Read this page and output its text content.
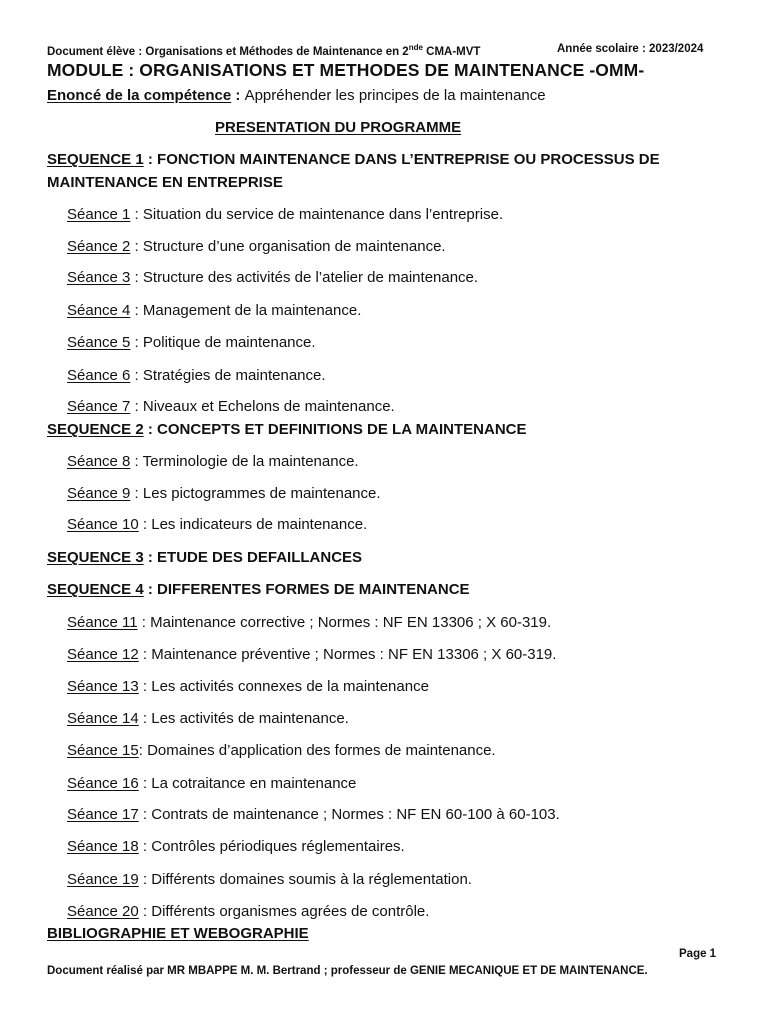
Document élève : Organisations et Méthodes de Maintenance en 2nde CMA-MVT	Année scolaire : 2023/2024
MODULE : ORGANISATIONS ET METHODES DE MAINTENANCE -OMM-
Enoncé de la compétence : Appréhender les principes de la maintenance
PRESENTATION DU PROGRAMME
SEQUENCE 1 : FONCTION MAINTENANCE DANS L’ENTREPRISE OU PROCESSUS DE MAINTENANCE EN ENTREPRISE
Séance 1 : Situation du service de maintenance dans l’entreprise.
Séance 2 : Structure d’une organisation de maintenance.
Séance 3 : Structure des activités de l’atelier de maintenance.
Séance 4 : Management de la maintenance.
Séance 5 : Politique de maintenance.
Séance 6 : Stratégies de maintenance.
Séance 7 : Niveaux et Echelons de maintenance.
SEQUENCE 2 : CONCEPTS ET DEFINITIONS DE LA MAINTENANCE
Séance 8 : Terminologie de la maintenance.
Séance 9 : Les pictogrammes de maintenance.
Séance 10 : Les indicateurs de maintenance.
SEQUENCE 3 : ETUDE DES DEFAILLANCES
SEQUENCE 4 : DIFFERENTES FORMES DE MAINTENANCE
Séance 11 : Maintenance corrective ; Normes : NF EN 13306 ; X 60-319.
Séance 12 : Maintenance préventive ; Normes : NF EN 13306 ; X 60-319.
Séance 13 : Les activités connexes de la maintenance
Séance 14 : Les activités de maintenance.
Séance 15: Domaines d’application des formes de maintenance.
Séance 16 : La cotraitance en maintenance
Séance 17 : Contrats de maintenance ; Normes : NF EN 60-100 à 60-103.
Séance 18 : Contrôles périodiques réglementaires.
Séance 19 : Différents domaines soumis à la réglementation.
Séance 20 : Différents organismes agrées de contrôle.
BIBLIOGRAPHIE ET WEBOGRAPHIE
Page 1
Document réalisé par MR MBAPPE M. M. Bertrand ; professeur de GENIE MECANIQUE ET DE MAINTENANCE.
